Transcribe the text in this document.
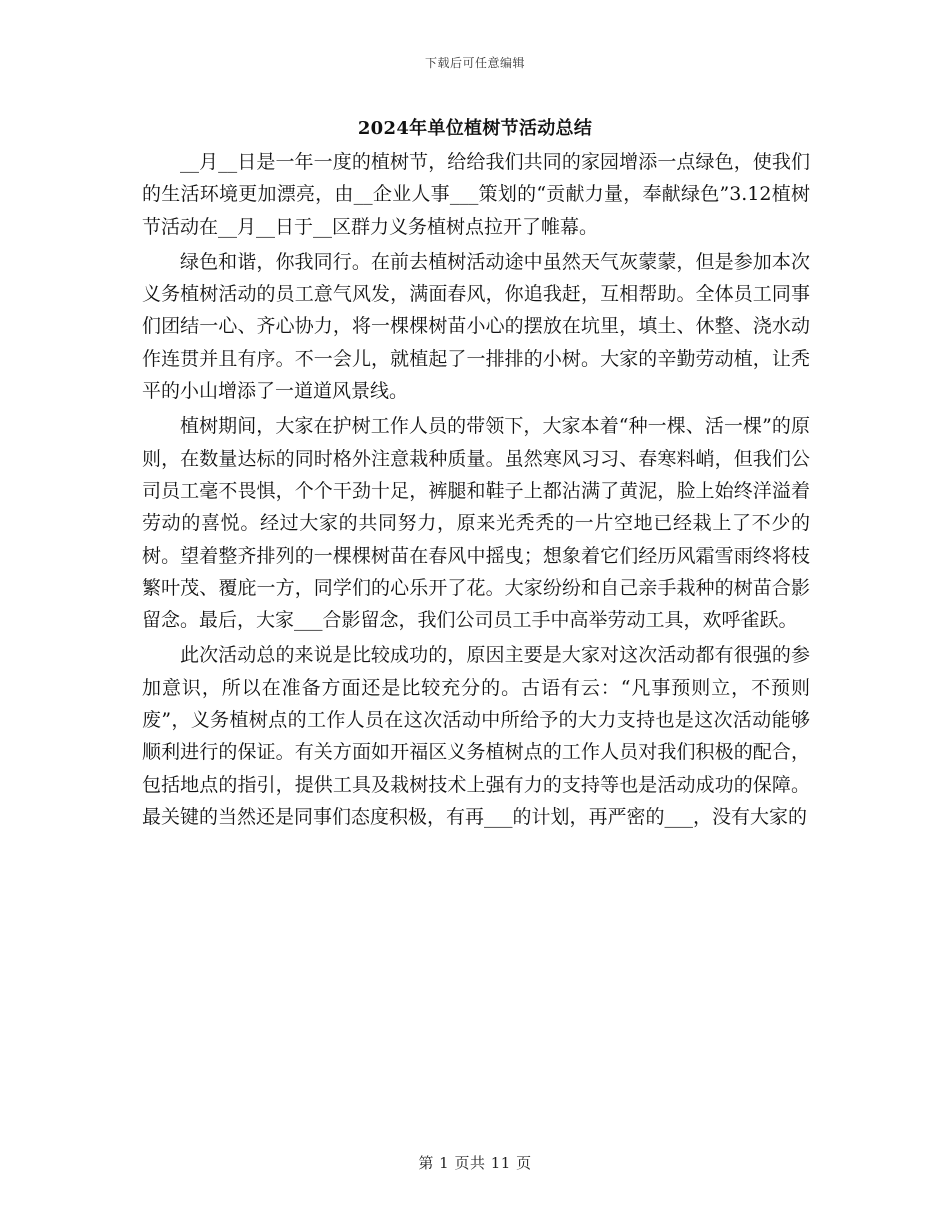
下载后可任意编辑
2024年单位植树节活动总结

__月__日是一年一度的植树节，给给我们共同的家园增添一点绿色，使我们的生活环境更加漂亮，由__企业人事___策划的“贡献力量，奉献绿色”3.12植树节活动在__月__日于__区群力义务植树点拉开了帷幕。

绿色和谐，你我同行。在前去植树活动途中虽然天气灰蒙蒙，但是参加本次义务植树活动的员工意气风发，满面春风，你追我赶，互相帮助。全体员工同事们团结一心、齐心协力，将一棵棵树苗小心的摆放在坑里，填土、休整、浇水动作连贯并且有序。不一会儿，就植起了一排排的小树。大家的辛勤劳动植，让秃平的小山增添了一道道风景线。

植树期间，大家在护树工作人员的带领下，大家本着“种一棵、活一棵”的原则，在数量达标的同时格外注意栽种质量。虽然寒风习习、春寒料峭，但我们公司员工毫不畏惧，个个干劲十足，裤腿和鞋子上都沾满了黄泥，脸上始终洋溢着劳动的喜悦。经过大家的共同努力，原来光秃秃的一片空地已经栽上了不少的树。望着整齐排列的一棵棵树苗在春风中摇曳；想象着它们经历风霜雪雨终将枝繁叶茂、覆庇一方，同学们的心乐开了花。大家纷纷和自己亲手栽种的树苗合影留念。最后，大家___合影留念，我们公司员工手中高举劳动工具，欢呼雀跃。

此次活动总的来说是比较成功的，原因主要是大家对这次活动都有很强的参加意识，所以在准备方面还是比较充分的。古语有云：“凡事预则立，不预则废”，义务植树点的工作人员在这次活动中所给予的大力支持也是这次活动能够顺利进行的保证。有关方面如开福区义务植树点的工作人员对我们积极的配合，包括地点的指引，提供工具及栽树技术上强有力的支持等也是活动成功的保障。最关键的当然还是同事们态度积极，有再___的计划，再严密的___，没有大家的

第 1 页共 11 页
